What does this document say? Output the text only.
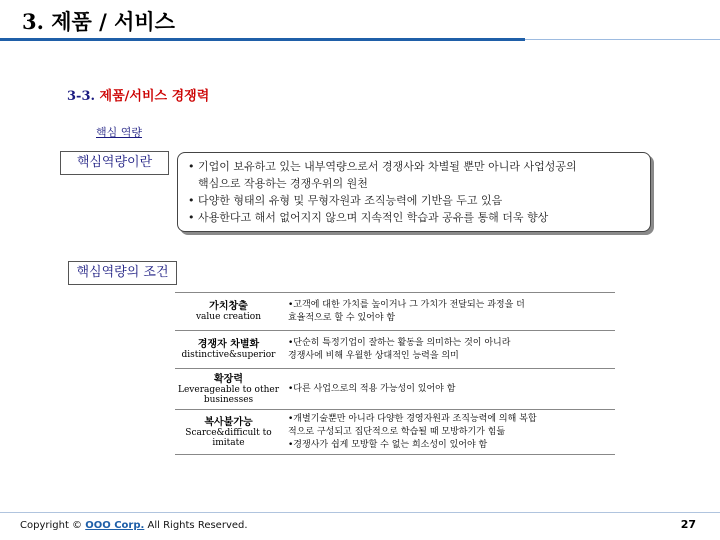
3. 제품 / 서비스
3-3. 제품/서비스 경쟁력
핵심 역량
핵심역량이란	• 기업이 보유하고 있는 내부역량으로서 경쟁사와 차별될 뿐만 아니라 사업성공의
핵심으로 작용하는 경쟁우위의 원천
• 다양한 형태의 유형 및 무형자원과 조직능력에 기반을 두고 있음
• 사용한다고 해서 없어지지 않으며 지속적인 학습과 공유를 통해 더욱 향상
핵심역량의 조건
가치창출
value creation
•고객에 대한 가치를 높이거나 그 가치가 전달되는 과정을 더
효율적으로 할 수 있어야 함
경쟁자 차별화
distinctive&superior
•단순히 특정기업이 잘하는 활동을 의미하는 것이 아니라
경쟁사에 비해 우월한 상대적인 능력을 의미
확장력
Leverageable to other
businesses
•다른 사업으로의 적용 가능성이 있어야 함
복사불가능
Scarce&difficult to
imitate
•개별기술뿐만 아니라 다양한 경영자원과 조직능력에 의해 복합
적으로 구성되고 집단적으로 학습될 때 모방하기가 힘듦
•경쟁사가 쉽게 모방할 수 없는 희소성이 있어야 함
Copyright © OOO Corp. All Rights Reserved.	27
